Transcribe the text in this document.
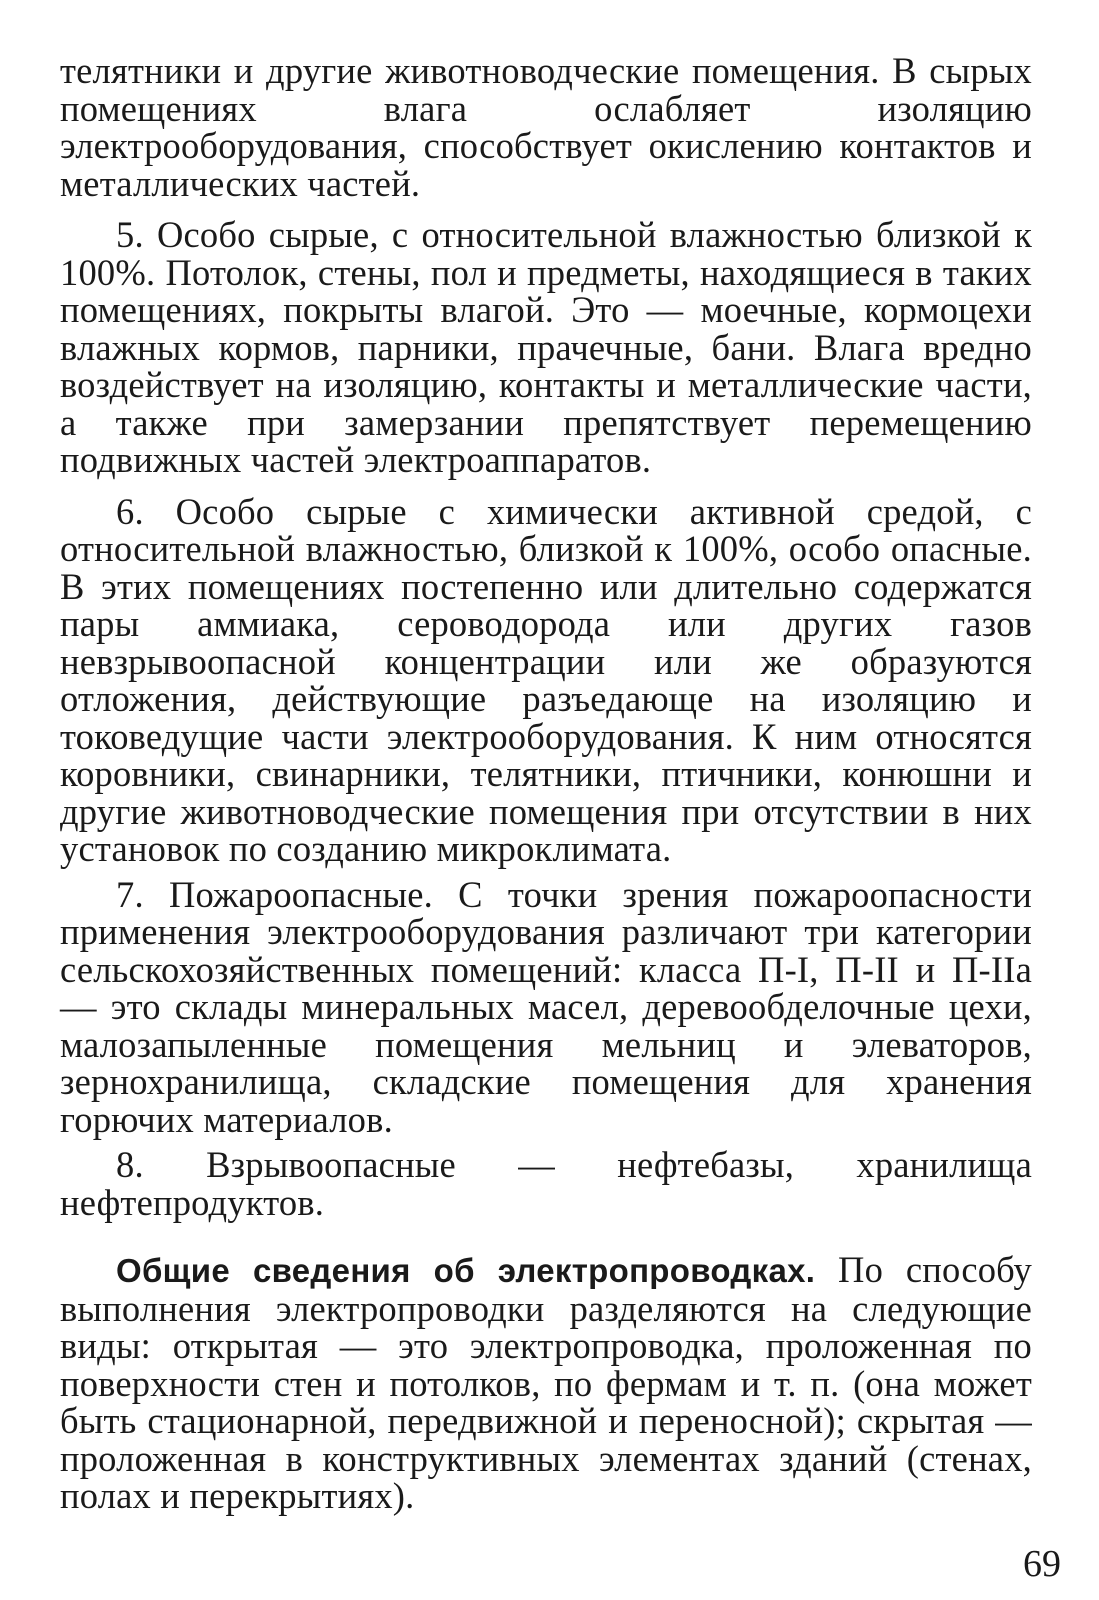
телятники и другие животноводческие помещения. В сырых помещениях влага ослабляет изоляцию электрооборудования, способствует окислению контактов и металлических частей.

5. Особо сырые, с относительной влажностью близкой к 100%. Потолок, стены, пол и предметы, находящиеся в таких помещениях, покрыты влагой. Это — моечные, кормоцехи влажных кормов, парники, прачечные, бани. Влага вредно воздействует на изоляцию, контакты и металлические части, а также при замерзании препятствует перемещению подвижных частей электроаппаратов.

6. Особо сырые с химически активной средой, с относительной влажностью, близкой к 100%, особо опасные. В этих помещениях постепенно или длительно содержатся пары аммиака, сероводорода или других газов невзрывоопасной концентрации или же образуются отложения, действующие разъедающе на изоляцию и токоведущие части электрооборудования. К ним относятся коровники, свинарники, телятники, птичники, конюшни и другие животноводческие помещения при отсутствии в них установок по созданию микроклимата.

7. Пожароопасные. С точки зрения пожароопасности применения электрооборудования различают три категории сельскохозяйственных помещений: класса П-I, П-II и П-IIа — это склады минеральных масел, деревообделочные цехи, малозапыленные помещения мельниц и элеваторов, зернохранилища, складские помещения для хранения горючих материалов.

8. Взрывоопасные — нефтебазы, хранилища нефтепродуктов.

Общие сведения об электропроводках. По способу выполнения электропроводки разделяются на следующие виды: открытая — это электропроводка, проложенная по поверхности стен и потолков, по фермам и т. п. (она может быть стационарной, передвижной и переносной); скрытая — проложенная в конструктивных элементах зданий (стенах, полах и перекрытиях).

69
